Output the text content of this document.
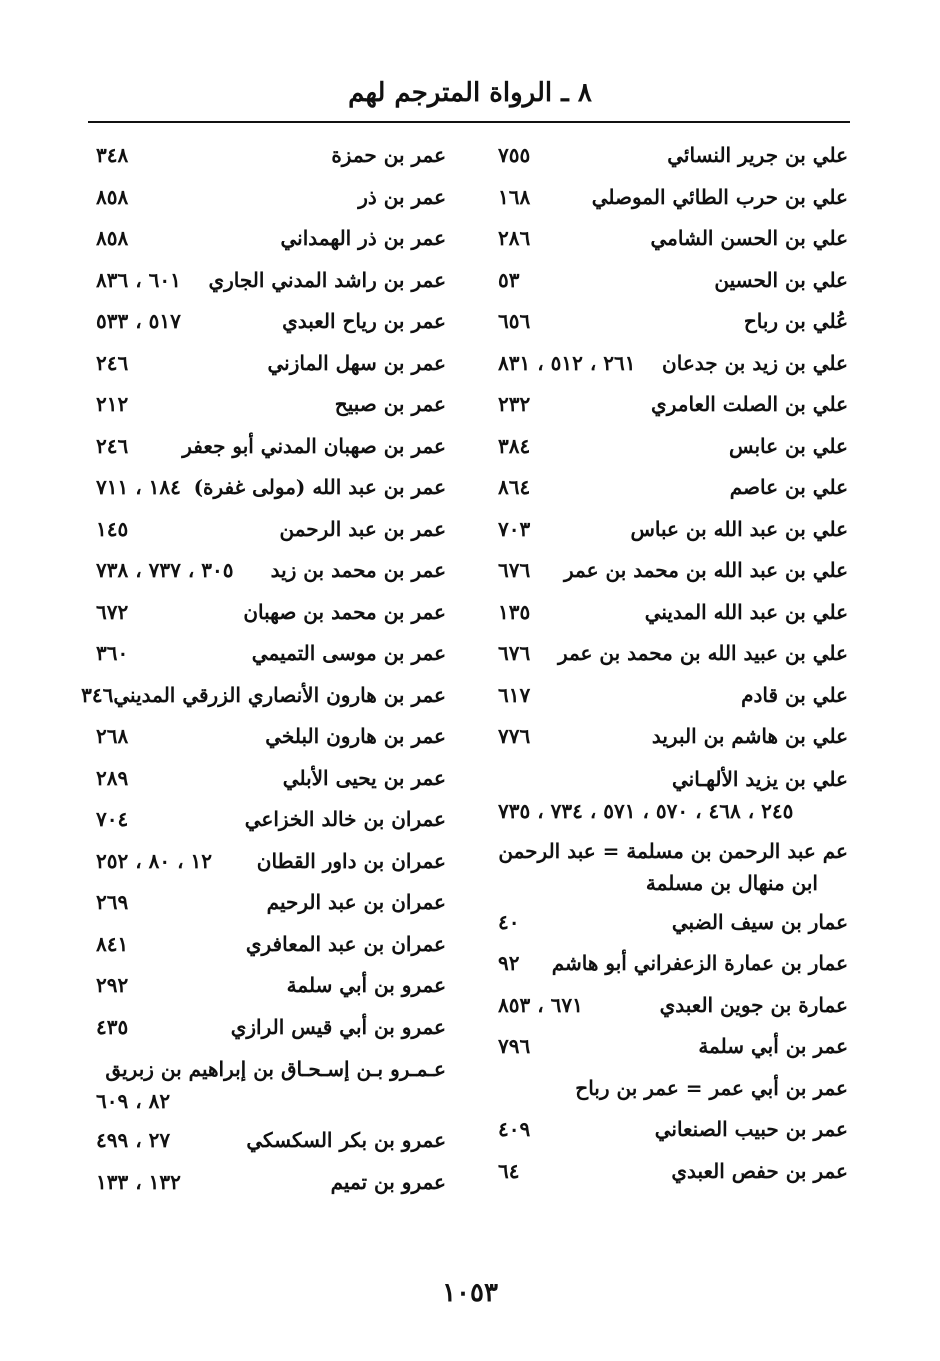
٨ ـ الرواة المترجم لهم
علي بن جرير النسائي
٧٥٥
علي بن حرب الطائي الموصلي
١٦٨
علي بن الحسن الشامي
٢٨٦
علي بن الحسين
٥٣
عُلي بن رباح
٦٥٦
علي بن زيد بن جدعان
٢٦١ ، ٥١٢ ، ٨٣١
علي بن الصلت العامري
٢٣٢
علي بن عابس
٣٨٤
علي بن عاصم
٨٦٤
علي بن عبد الله بن عباس
٧٠٣
علي بن عبد الله بن محمد بن عمر
٦٧٦
علي بن عبد الله المديني
١٣٥
علي بن عبيد الله بن محمد بن عمر
٦٧٦
علي بن قادم
٦١٧
علي بن هاشم بن البريد
٧٧٦
علي بن يزيد الألهـاني
٢٤٥ ، ٤٦٨ ، ٥٧٠ ، ٥٧١ ، ٧٣٤ ، ٧٣٥
عم عبد الرحمن بن مسلمة = عبد الرحمن
ابن منهال بن مسلمة
عمار بن سيف الضبي
٤٠
عمار بن عمارة الزعفراني أبو هاشم
٩٢
عمارة بن جوين العبدي
٦٧١ ، ٨٥٣
عمر بن أبي سلمة
٧٩٦
عمر بن أبي عمر = عمر بن رباح
عمر بن حبيب الصنعاني
٤٠٩
عمر بن حفص العبدي
٦٤
عمر بن حمزة
٣٤٨
عمر بن ذر
٨٥٨
عمر بن ذر الهمداني
٨٥٨
عمر بن راشد المدني الجاري
٦٠١ ، ٨٣٦
عمر بن رياح العبدي
٥١٧ ، ٥٣٣
عمر بن سهل المازني
٢٤٦
عمر بن صبيح
٢١٢
عمر بن صهبان المدني أبو جعفر
٢٤٦
عمر بن عبد الله (مولى غفرة)
١٨٤ ، ٧١١
عمر بن عبد الرحمن
١٤٥
عمر بن محمد بن زيد
٣٠٥ ، ٧٣٧ ، ٧٣٨
عمر بن محمد بن صهبان
٦٧٢
عمر بن موسى التميمي
٣٦٠
عمر بن هارون الأنصاري الزرقي المديني
٣٤٦
عمر بن هارون البلخي
٢٦٨
عمر بن يحيى الأبلي
٢٨٩
عمران بن خالد الخزاعي
٧٠٤
عمران بن داور القطان
١٢ ، ٨٠ ، ٢٥٢
عمران بن عبد الرحيم
٢٦٩
عمران بن عبد المعافري
٨٤١
عمرو بن أبي سلمة
٢٩٢
عمرو بن أبي قيس الرازي
٤٣٥
عـمـرو بـن إسـحـاق بن إبراهيم بن زبريق
٨٢ ، ٦٠٩
عمرو بن بكر السكسكي
٢٧ ، ٤٩٩
عمرو بن تميم
١٣٢ ، ١٣٣
١٠٥٣
